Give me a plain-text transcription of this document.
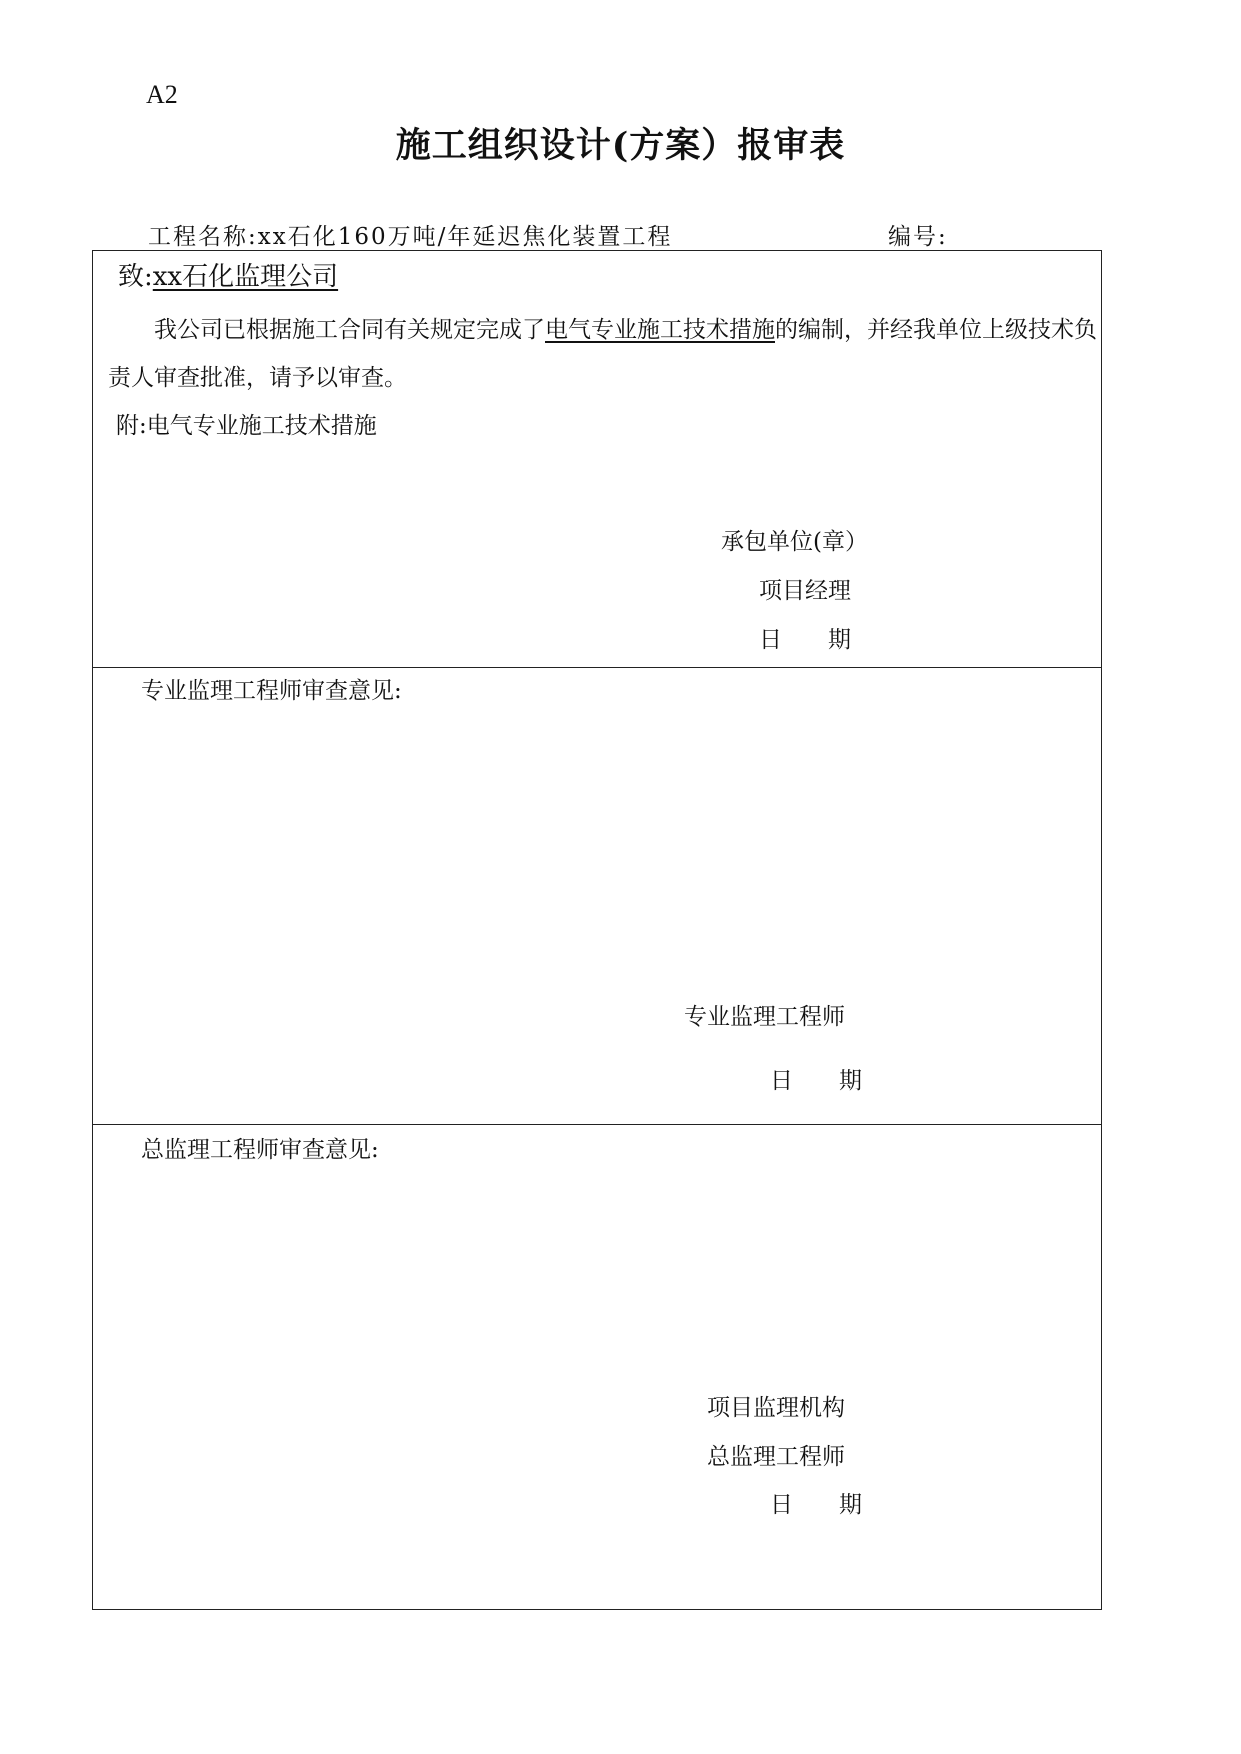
A2
施工组织设计(方案）报审表
工程名称:xx石化160万吨/年延迟焦化装置工程	编号:
致:xx石化监理公司
我公司已根据施工合同有关规定完成了电气专业施工技术措施的编制，并经我单位上级技术负责人审查批准，请予以审查。
附:电气专业施工技术措施
承包单位(章）
项目经理
日　　期
专业监理工程师审查意见:
专业监理工程师
日　　期
总监理工程师审查意见:
项目监理机构
总监理工程师
日　　期
